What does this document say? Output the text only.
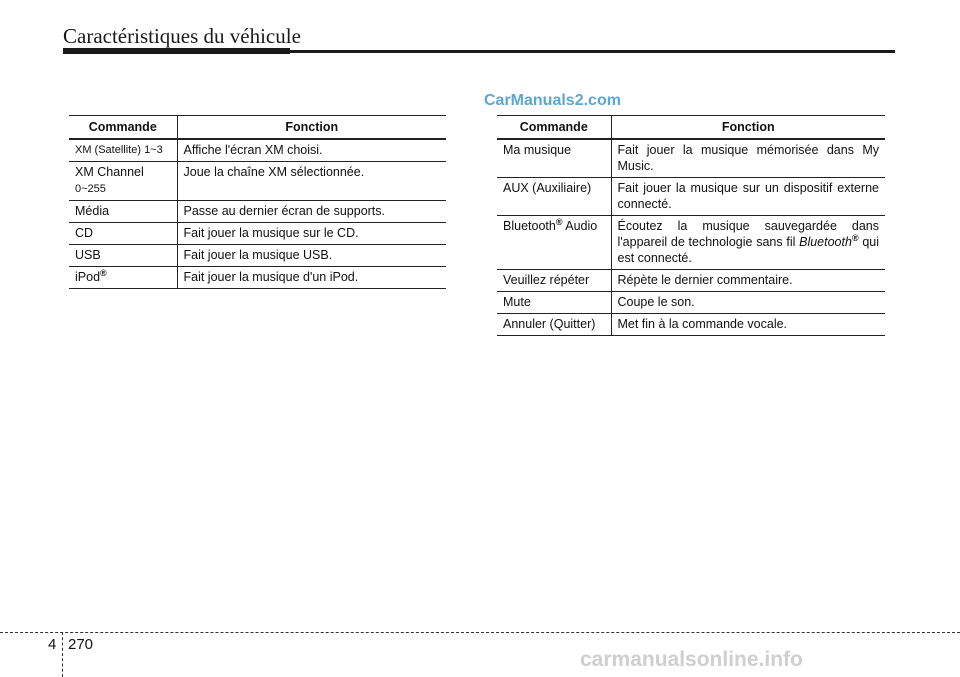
Caractéristiques du véhicule
CarManuals2.com
Commande	Fonction
XM (Satellite) 1~3	Affiche l'écran XM choisi.
XM Channel
0~255	Joue la chaîne XM sélectionnée.
Média	Passe au dernier écran de supports.
CD	Fait jouer la musique sur le CD.
USB	Fait jouer la musique USB.
iPod®	Fait jouer la musique d'un iPod.
Commande	Fonction
Ma musique	Fait jouer la musique mémorisée dans My Music.
AUX (Auxiliaire)	Fait jouer la musique sur un dispositif externe connecté.
Bluetooth® Audio	Écoutez la musique sauvegardée dans l'appareil de technologie sans fil Bluetooth® qui est connecté.
Veuillez répéter	Répète le dernier commentaire.
Mute	Coupe le son.
Annuler (Quitter)	Met fin à la commande vocale.
4 270
carmanualsonline.info
